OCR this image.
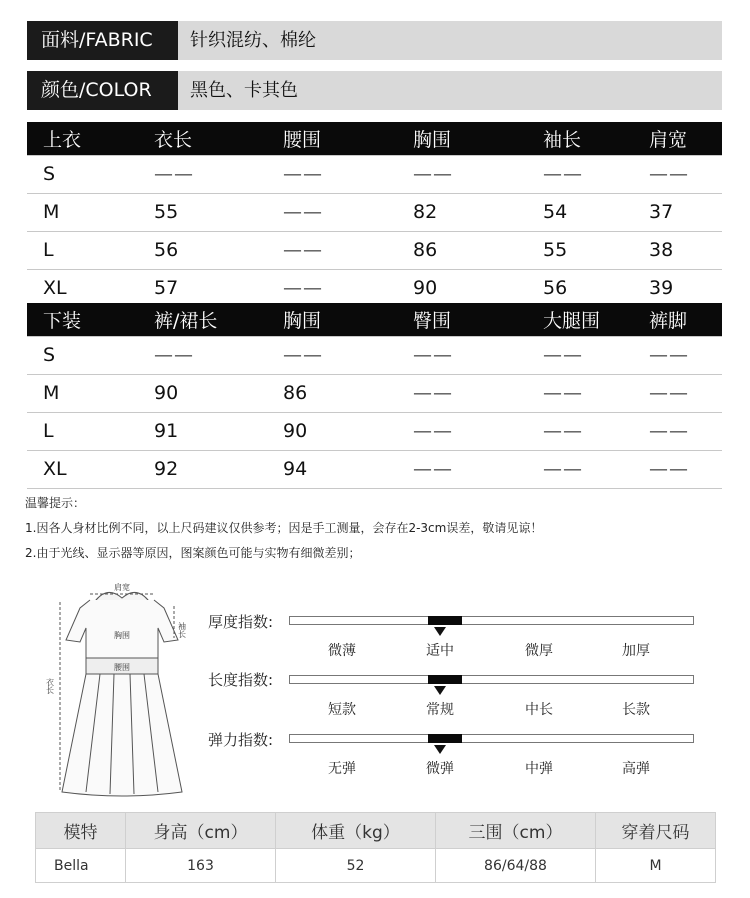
面料/FABRIC	针织混纺、棉纶
颜色/COLOR	黑色、卡其色
上衣	衣长	腰围	胸围	袖长	肩宽
S	——	——	——	——	——
M	55	——	82	54	37
L	56	——	86	55	38
XL	57	——	90	56	39
下装	裤/裙长	胸围	臀围	大腿围	裤脚
S	——	——	——	——	——
M	90	86	——	——	——
L	91	90	——	——	——
XL	92	94	——	——	——
温馨提示：
1.因各人身材比例不同，以上尺码建议仅供参考；因是手工测量，会存在2-3cm误差，敬请见谅！
2.由于光线、显示器等原因，图案颜色可能与实物有细微差别；
肩宽
胸围
腰围
袖长
衣长
厚度指数:
微薄	适中	微厚	加厚
长度指数:
短款	常规	中长	长款
弹力指数:
无弹	微弹	中弹	高弹
模特	身高（cm）	体重（kg）	三围（cm）	穿着尺码
Bella	163	52	86/64/88	M
